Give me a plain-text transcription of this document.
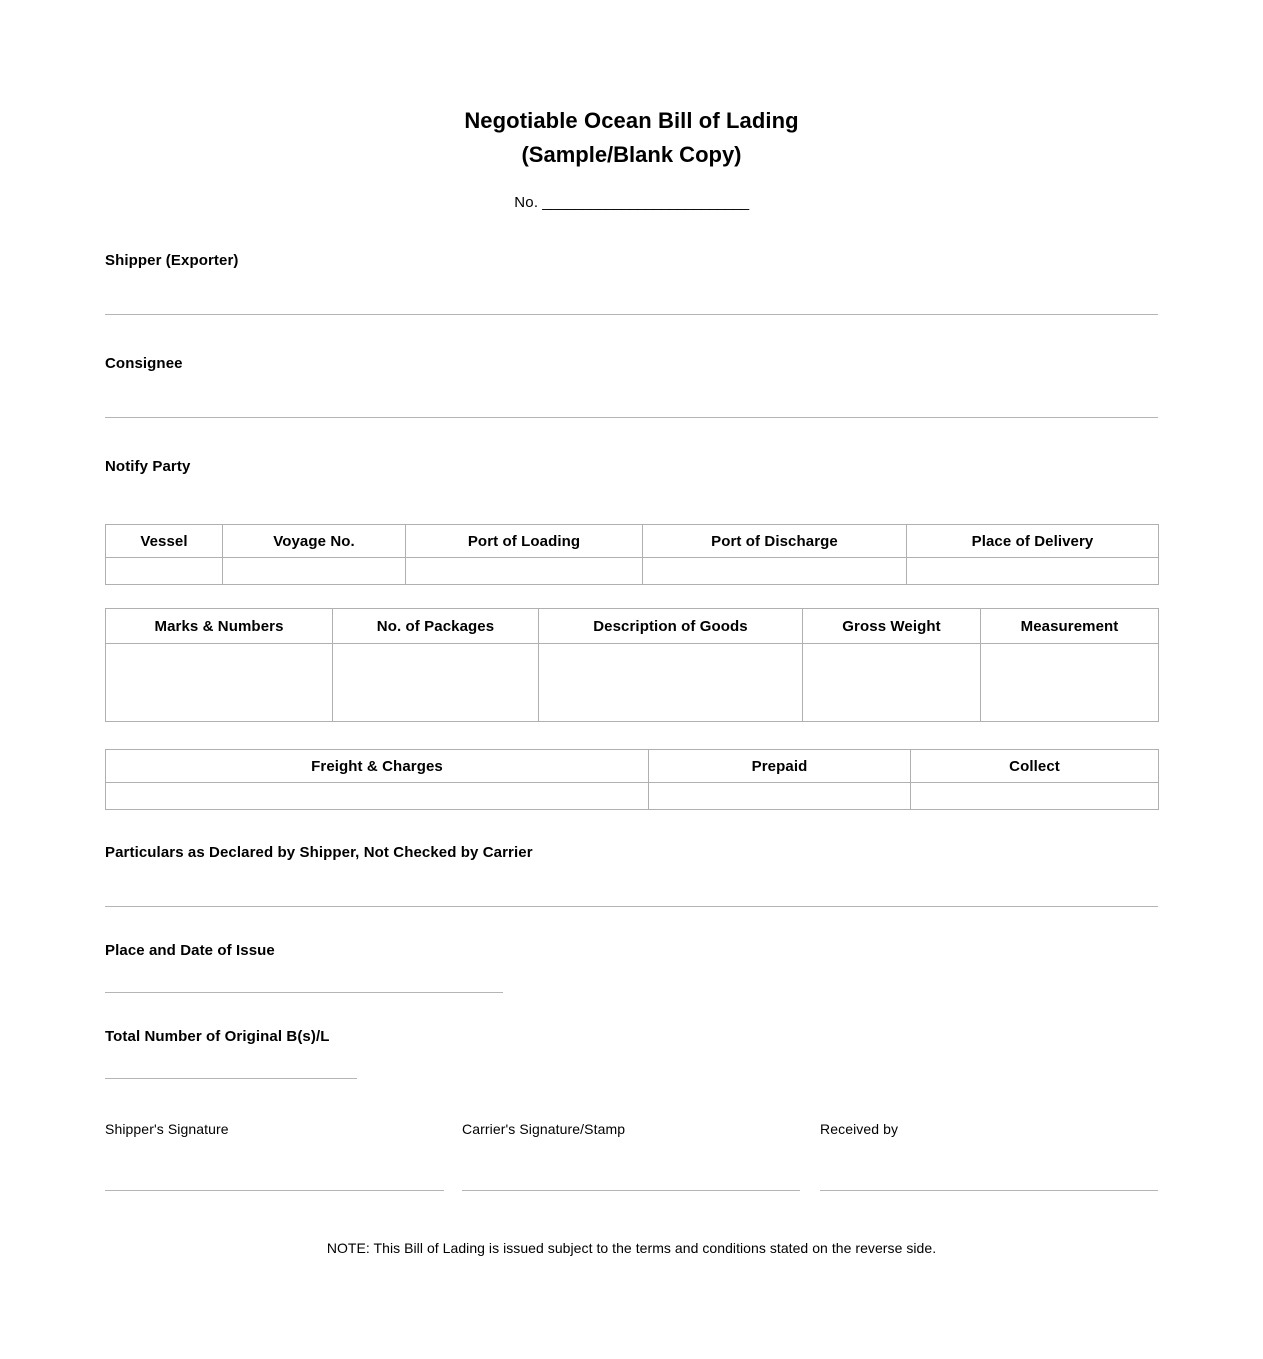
Negotiable Ocean Bill of Lading
(Sample/Blank Copy)
No. __________________________
Shipper (Exporter)
Consignee
Notify Party
Vessel	Voyage No.	Port of Loading	Port of Discharge	Place of Delivery

Marks & Numbers	No. of Packages	Description of Goods	Gross Weight	Measurement

Freight & Charges	Prepaid	Collect

Particulars as Declared by Shipper, Not Checked by Carrier
Place and Date of Issue
Total Number of Original B(s)/L
Shipper's Signature	Carrier's Signature/Stamp	Received by
NOTE: This Bill of Lading is issued subject to the terms and conditions stated on the reverse side.
